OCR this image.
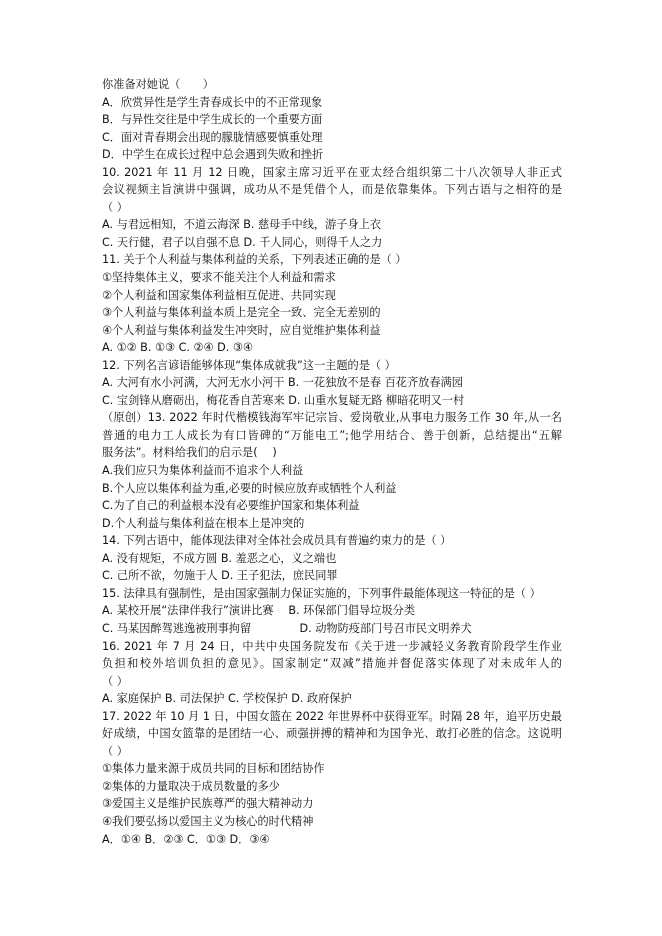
你准备对她说（　　）
A．欣赏异性是学生青春成长中的不正常现象
B．与异性交往是中学生成长的一个重要方面
C．面对青春期会出现的朦胧情感要慎重处理
D．中学生在成长过程中总会遇到失败和挫折
10. 2021 年 11 月 12 日晚，国家主席习近平在亚太经合组织第二十八次领导人非正式
会议视频主旨演讲中强调，成功从不是凭借个人，而是依靠集体。下列古语与之相符的是
（ ）
A. 与君远相知，不道云海深 B. 慈母手中线，游子身上衣
C. 天行健，君子以自强不息 D. 千人同心，则得千人之力
11. 关于个人利益与集体利益的关系，下列表述正确的是（ ）
①坚持集体主义，要求不能关注个人利益和需求
②个人利益和国家集体利益相互促进、共同实现
③个人利益与集体利益本质上是完全一致、完全无差别的
④个人利益与集体利益发生冲突时，应自觉维护集体利益
A. ①② B. ①③ C. ②④ D. ③④
12. 下列名言谚语能够体现“集体成就我”这一主题的是（ ）
A. 大河有水小河满，大河无水小河干 B. 一花独放不是春 百花齐放春满园
C. 宝剑锋从磨砺出，梅花香自苦寒来 D. 山重水复疑无路 柳暗花明又一村
（原创）13. 2022 年时代楷模钱海军牢记宗旨、爱岗敬业,从事电力服务工作 30 年,从一名
普通的电力工人成长为有口皆碑的“万能电工”;他学用结合、善于创新，总结提出“五解
服务法”。材料给我们的启示是(　 )
A.我们应只为集体利益而不追求个人利益
B.个人应以集体利益为重,必要的时候应放弃或牺牲个人利益
C.为了自己的利益根本没有必要维护国家和集体利益
D.个人利益与集体利益在根本上是冲突的
14. 下列古语中，能体现法律对全体社会成员具有普遍约束力的是（ ）
A. 没有规矩，不成方圆 B. 羞恶之心，义之端也
C. 己所不欲，勿施于人 D. 王子犯法，庶民同罪
15. 法律具有强制性，是由国家强制力保证实施的，下列事件最能体现这一特征的是（ ）
A. 某校开展“法律伴我行”演讲比赛　 B. 环保部门倡导垃圾分类
C. 马某因醉驾逃逸被刑事拘留　　　　 D. 动物防疫部门号召市民文明养犬
16. 2021 年 7 月 24 日，中共中央国务院发布《关于进一步减轻义务教育阶段学生作业
负担和校外培训负担的意见》。国家制定“双减”措施并督促落实体现了对未成年人的
（ ）
A. 家庭保护 B. 司法保护 C. 学校保护 D. 政府保护
17. 2022 年 10 月 1 日，中国女篮在 2022 年世界杯中获得亚军。时隔 28 年，追平历史最
好成绩，中国女篮靠的是团结一心、顽强拼搏的精神和为国争光、敢打必胜的信念。这说明
（ ）
①集体力量来源于成员共同的目标和团结协作
②集体的力量取决于成员数量的多少
③爱国主义是维护民族尊严的强大精神动力
④我们要弘扬以爱国主义为核心的时代精神
A．①④ B．②③ C．①③ D．③④
